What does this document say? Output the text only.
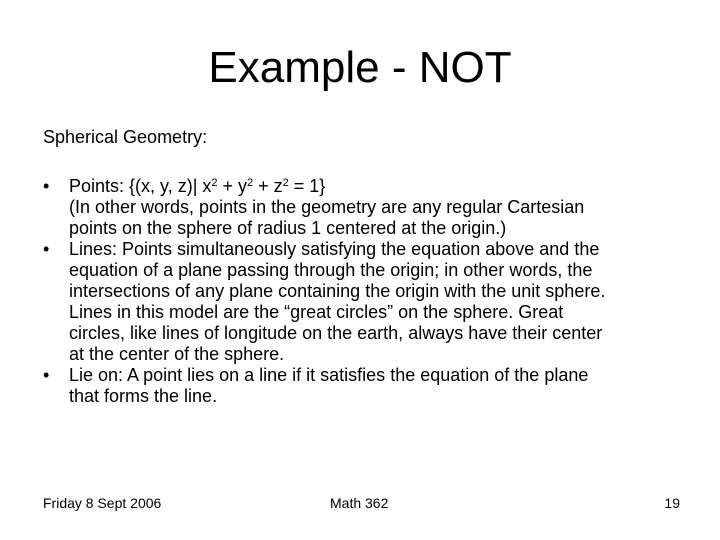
Example - NOT
Spherical Geometry:
•	Points: {(x, y, z)| $x^2 + y^2 + z^2 = 1$}
(In other words, points in the geometry are any regular Cartesian
points on the sphere of radius 1 centered at the origin.)
•	Lines: Points simultaneously satisfying the equation above and the
equation of a plane passing through the origin; in other words, the
intersections of any plane containing the origin with the unit sphere.
Lines in this model are the “great circles” on the sphere. Great
circles, like lines of longitude on the earth, always have their center
at the center of the sphere.
•	Lie on: A point lies on a line if it satisfies the equation of the plane
that forms the line.
Friday 8 Sept 2006	Math 362	19
